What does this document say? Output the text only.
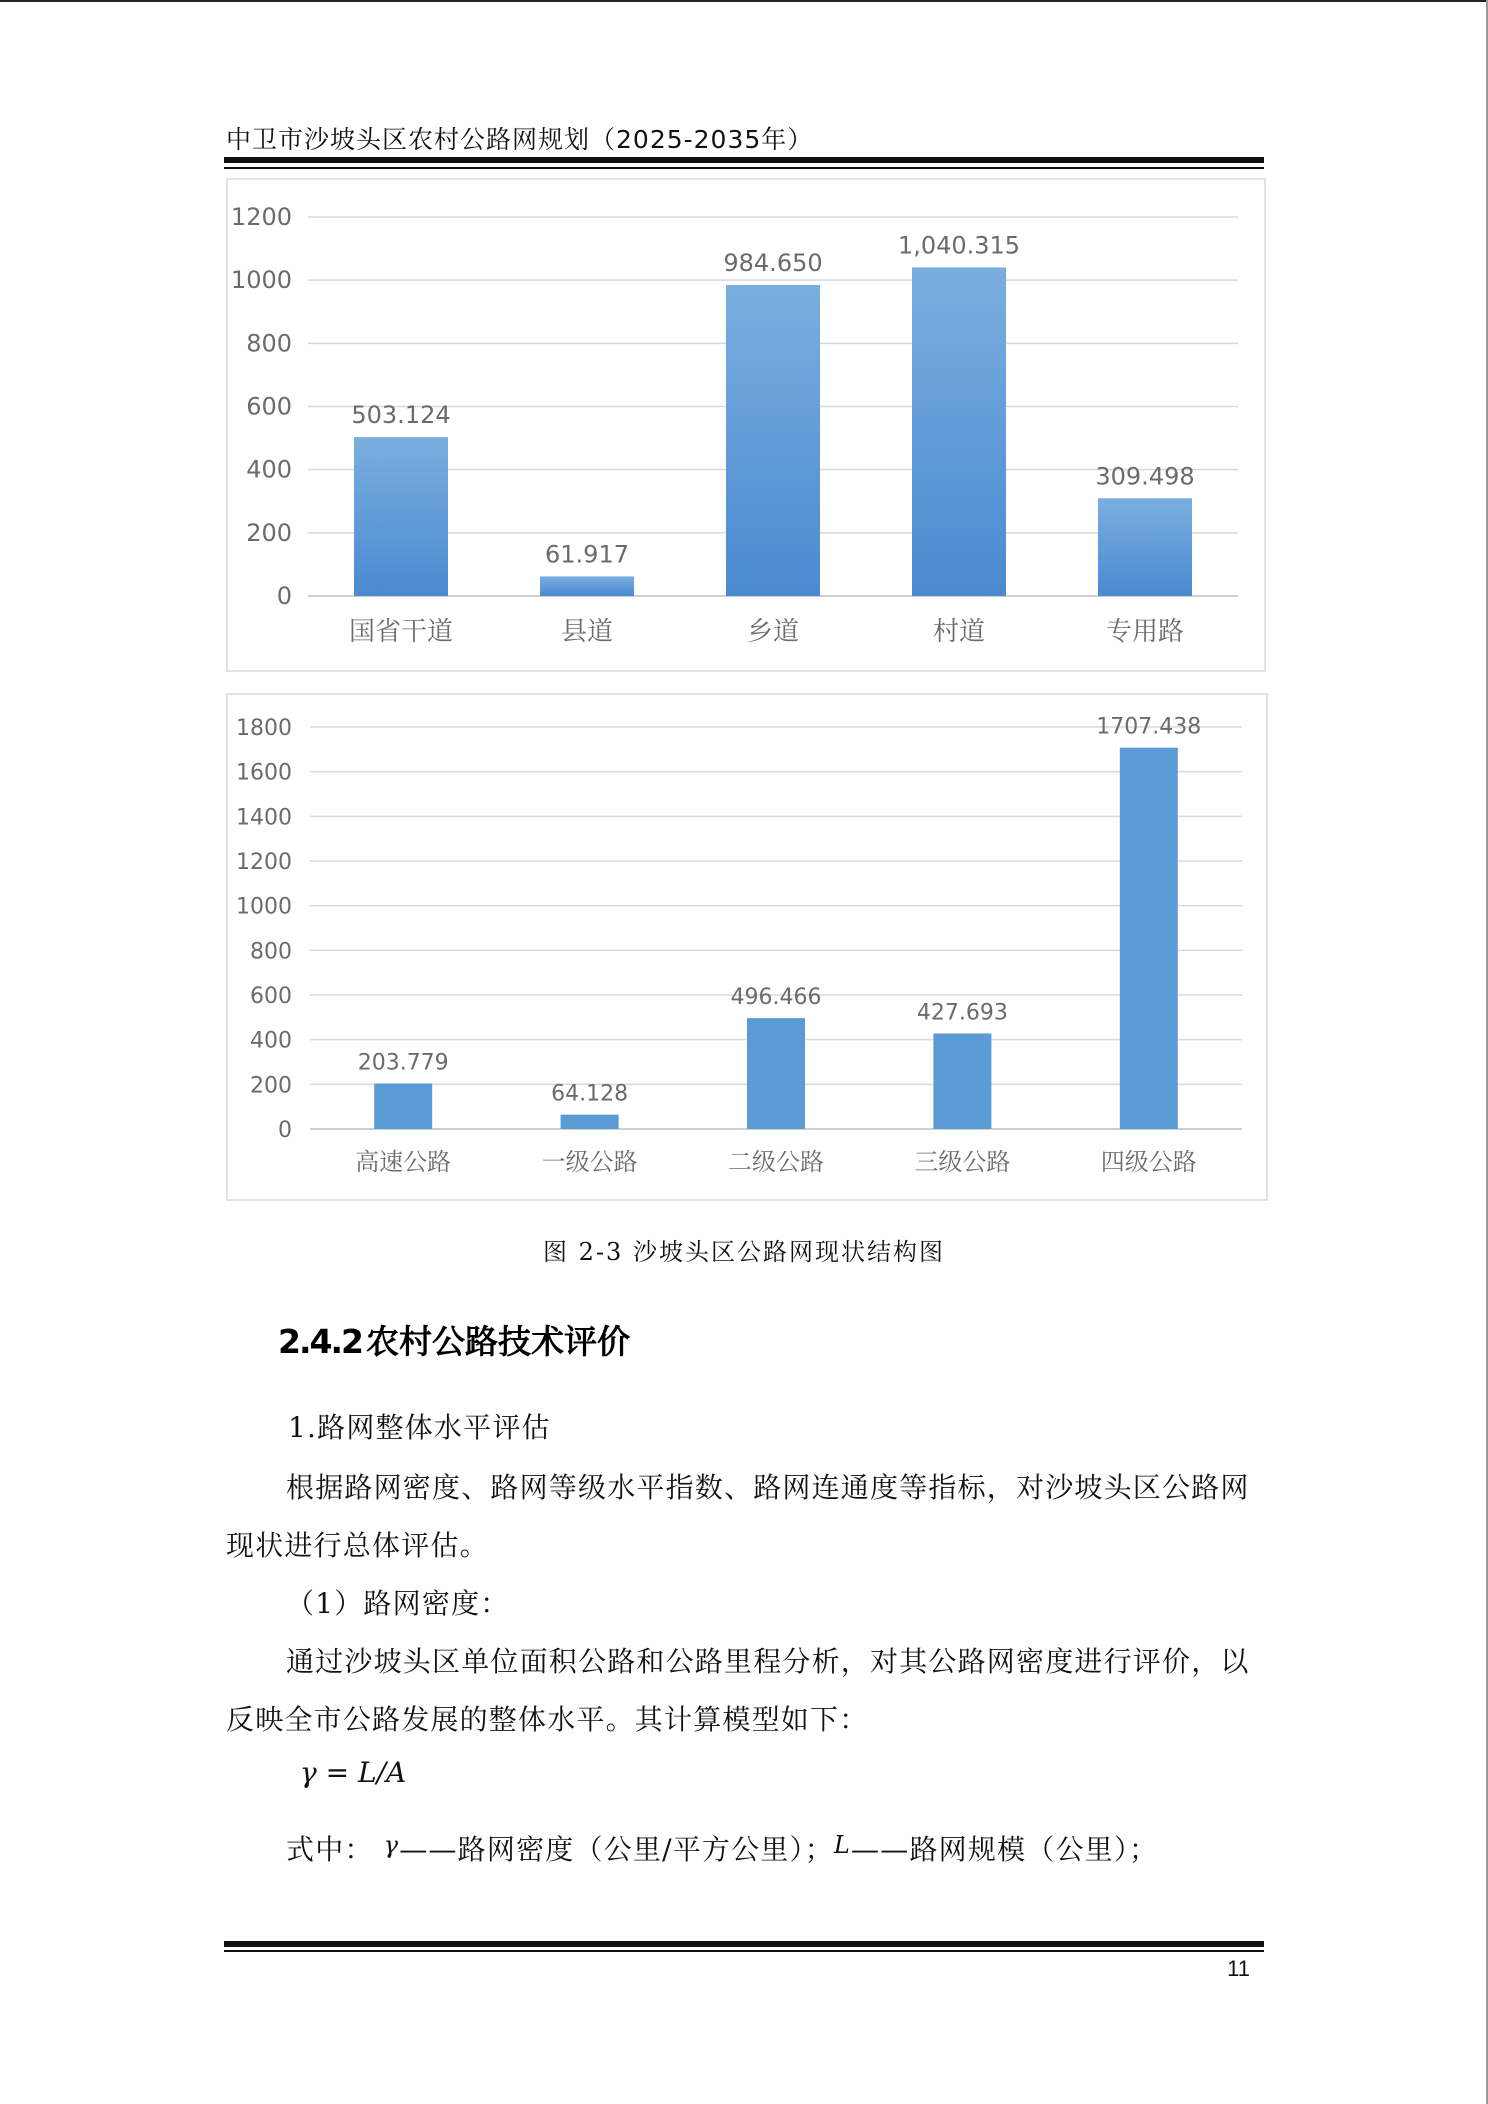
中卫市沙坡头区农村公路网规划（2025-2035年）
0
200
400
600
800
1000
1200
503.124
国省干道
61.917
县道
984.650
乡道
1,040.315
村道
309.498
专用路
0
200
400
600
800
1000
1200
1400
1600
1800
203.779
高速公路
64.128
一级公路
496.466
二级公路
427.693
三级公路
1707.438
四级公路
图 2-3 沙坡头区公路网现状结构图
2.4.2 农村公路技术评价
1.路网整体水平评估
根据路网密度、路网等级水平指数、路网连通度等指标，对沙坡头区公路网
现状进行总体评估。
（1）路网密度：
通过沙坡头区单位面积公路和公路里程分析，对其公路网密度进行评价，以
反映全市公路发展的整体水平。其计算模型如下：
γ = L/A
式中： γ——路网密度（公里/平方公里）；L——路网规模（公里）；
11
